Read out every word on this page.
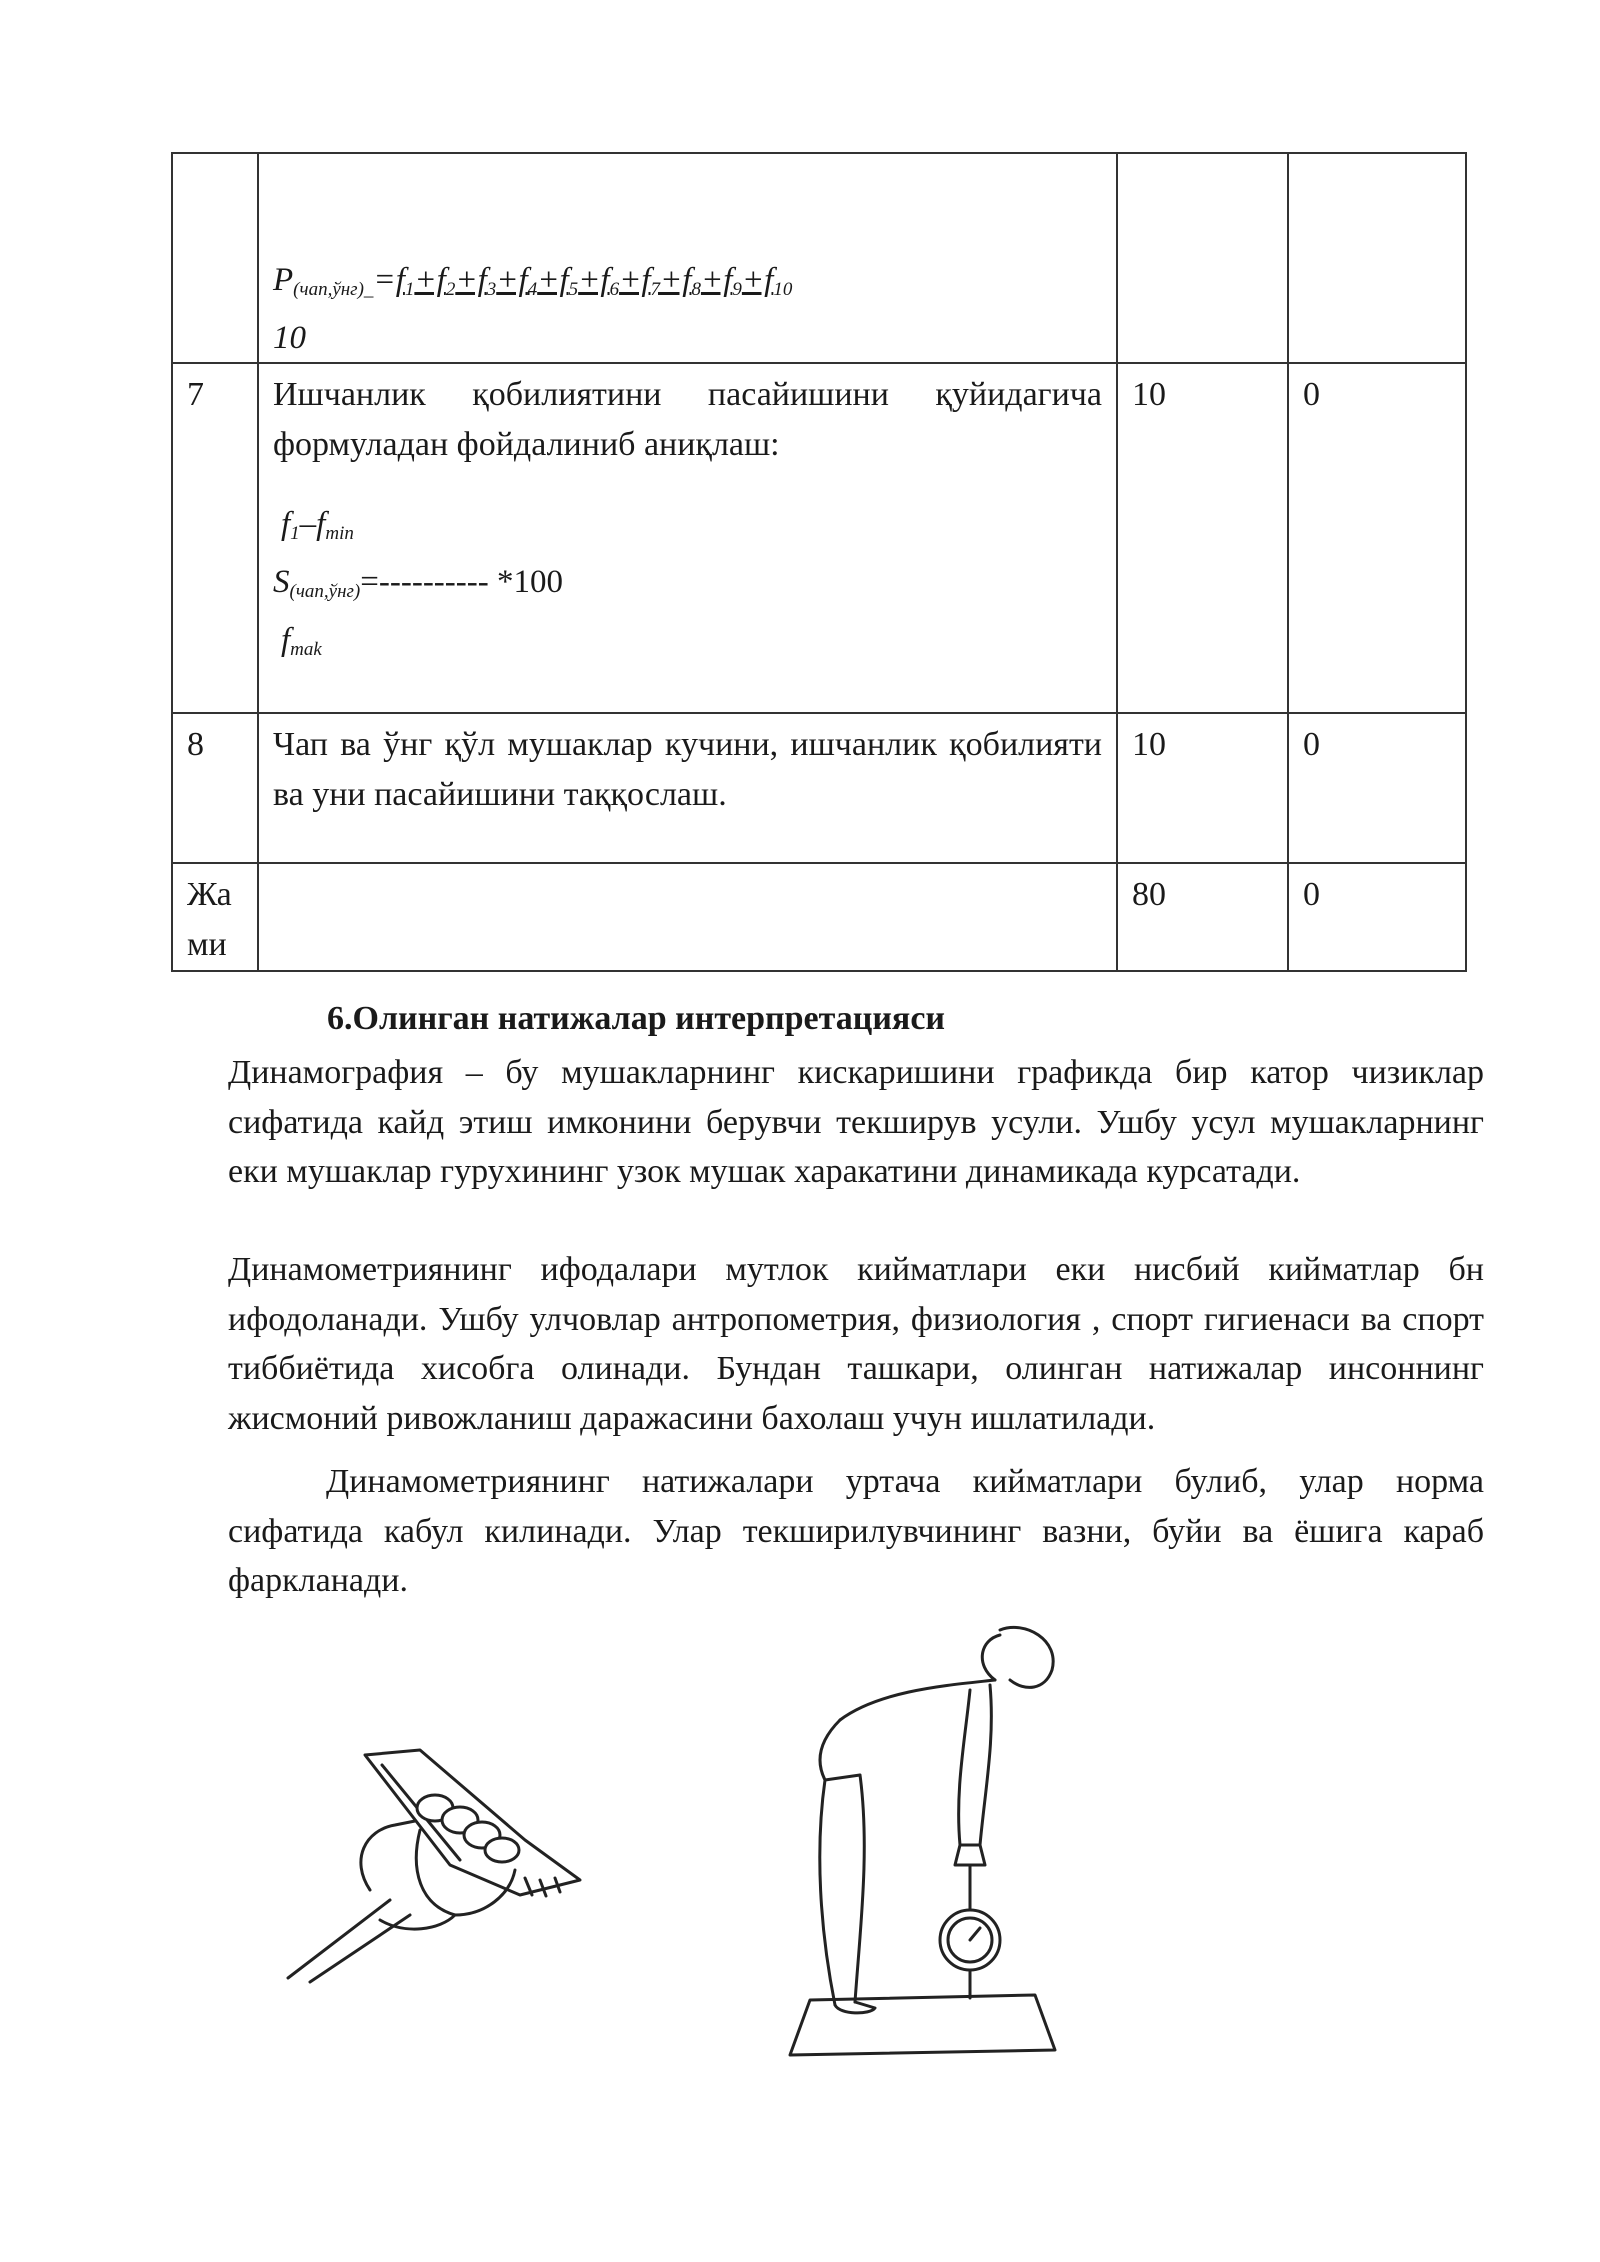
	$P_{(чап,ўнг)\_}=f_1+f_2+f_3+f_4+f_5+f_6+f_7+f_8+f_9+f_{10}$
10		

7	Ишчанлик қобилиятини пасайишини қуйидагича формуладан фойдалиниб аниқлаш:
$f_1-f_{min}$
$S_{(чап,ўнг)}=----------$ *100
$f_{mak}$	10	0
8	Чап ва ўнг қўл мушаклар кучини, ишчанлик қобилияти ва уни пасайишини таққослаш.	10	0
Жа
ми		80	0
6.Олинган натижалар интерпретацияси

Динамография – бу мушакларнинг кискаришини графикда бир катор чизиклар сифатида кайд этиш имконини берувчи текширув усули. Ушбу усул мушакларнинг еки мушаклар гурухининг узок мушак харакатини динамикада курсатади.

Динамометриянинг ифодалари мутлок кийматлари еки нисбий кийматлар бн ифодоланади. Ушбу улчовлар антропометрия, физиология , спорт гигиенаси ва спорт тиббиётида хисобга олинади. Бундан ташкари, олинган натижалар инсоннинг жисмоний ривожланиш даражасини бахолаш учун ишлатилади.

Динамометриянинг натижалари уртача кийматлари булиб, улар норма сифатида кабул килинади. Улар текширилувчининг вазни, буйи ва ёшига караб фаркланади.
